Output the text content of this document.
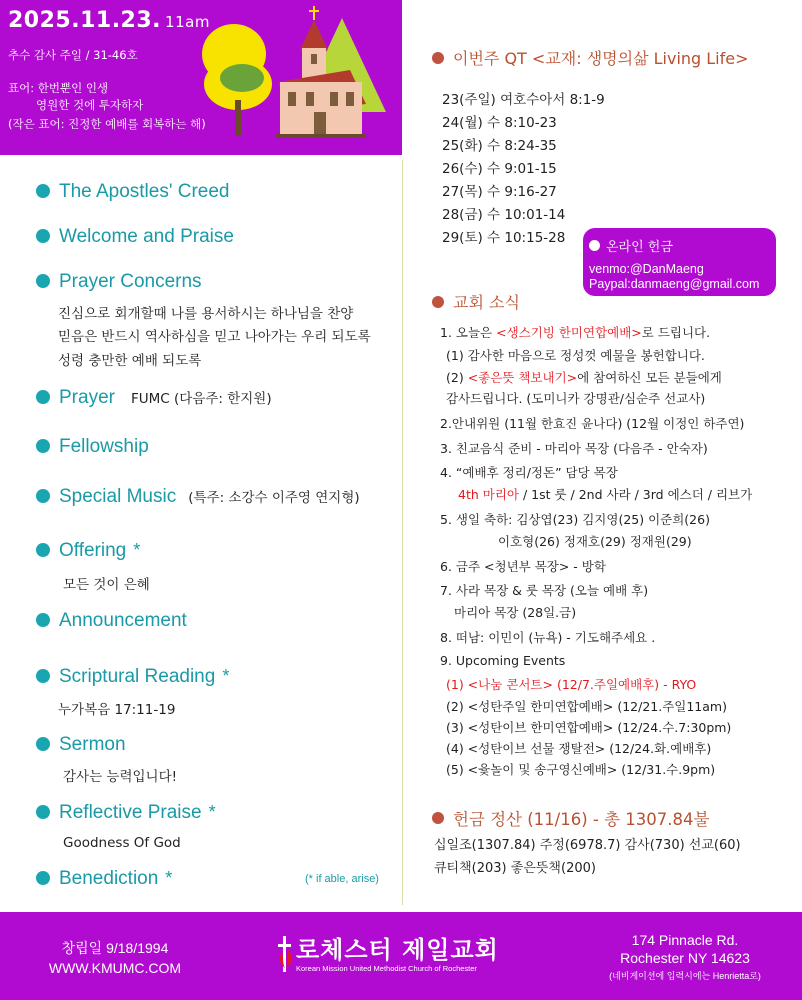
2025.11.23. 11am
추수 감사 주일 / 31-46호
표어: 한번뿐인 인생
영원한 것에 투자하자
(작은 표어: 진정한 예배를 회복하는 해)
The Apostles' Creed
Welcome and Praise
Prayer Concerns
진심으로 회개할때 나를 용서하시는 하나님을 찬양
믿음은 반드시 역사하심을 믿고 나아가는 우리 되도록
성령 충만한 예배 되도록
Prayer FUMC (다음주: 한지원)
Fellowship
Special Music (특주: 소강수 이주영 연지형)
Offering *
모든 것이 은혜
Announcement
Scriptural Reading *
누가복음 17:11-19
Sermon
감사는 능력입니다!
Reflective Praise *
Goodness Of God
Benediction *	(* if able, arise)
이번주 QT <교재: 생명의삶 Living Life>
23(주일) 여호수아서 8:1-9
24(월) 수 8:10-23
25(화) 수 8:24-35
26(수) 수 9:01-15
27(목) 수 9:16-27
28(금) 수 10:01-14
29(토) 수 10:15-28
온라인 헌금
venmo:@DanMaeng
Paypal:danmaeng@gmail.com
교회 소식
1. 오늘은 <생스기빙 한미연합예배>로 드립니다.
(1) 감사한 마음으로 정성껏 예물을 봉헌합니다.
(2) <좋은뜻 책보내기>에 참여하신 모든 분들에게
감사드립니다. (도미니카 강명관/심순주 선교사)
2.안내위원 (11월 한효진 윤나다) (12월 이정인 하주연)
3. 친교음식 준비 - 마리아 목장 (다음주 - 안숙자)
4. “예배후 정리/정돈” 담당 목장
4th 마리아 / 1st 룻 / 2nd 사라 / 3rd 에스더 / 리브가
5. 생일 축하: 김상엽(23) 김지영(25) 이준희(26)
이호형(26) 정재호(29) 정재원(29)
6. 금주 <청년부 목장> - 방학
7. 사라 목장 & 룻 목장 (오늘 예배 후)
마리아 목장 (28일.금)
8. 떠남: 이민이 (뉴욕) - 기도해주세요 .
9. Upcoming Events
(1) <나눔 콘서트> (12/7.주일예배후) - RYO
(2) <성탄주일 한미연합예배> (12/21.주일11am)
(3) <성탄이브 한미연합예배> (12/24.수.7:30pm)
(4) <성탄이브 선물 쟁탈전> (12/24.화.예배후)
(5) <윷놀이 및 송구영신예배> (12/31.수.9pm)
헌금 정산 (11/16) - 총 1307.84불
십일조(1307.84) 주정(6978.7) 감사(730) 선교(60)
큐티책(203) 좋은뜻책(200)
창립일 9/18/1994
WWW.KMUMC.COM
로체스터 제일교회
Korean Mission United Methodist Church of Rochester
174 Pinnacle Rd.
Rochester NY 14623
(네비게이션에 입력시에는 Henrietta로)
